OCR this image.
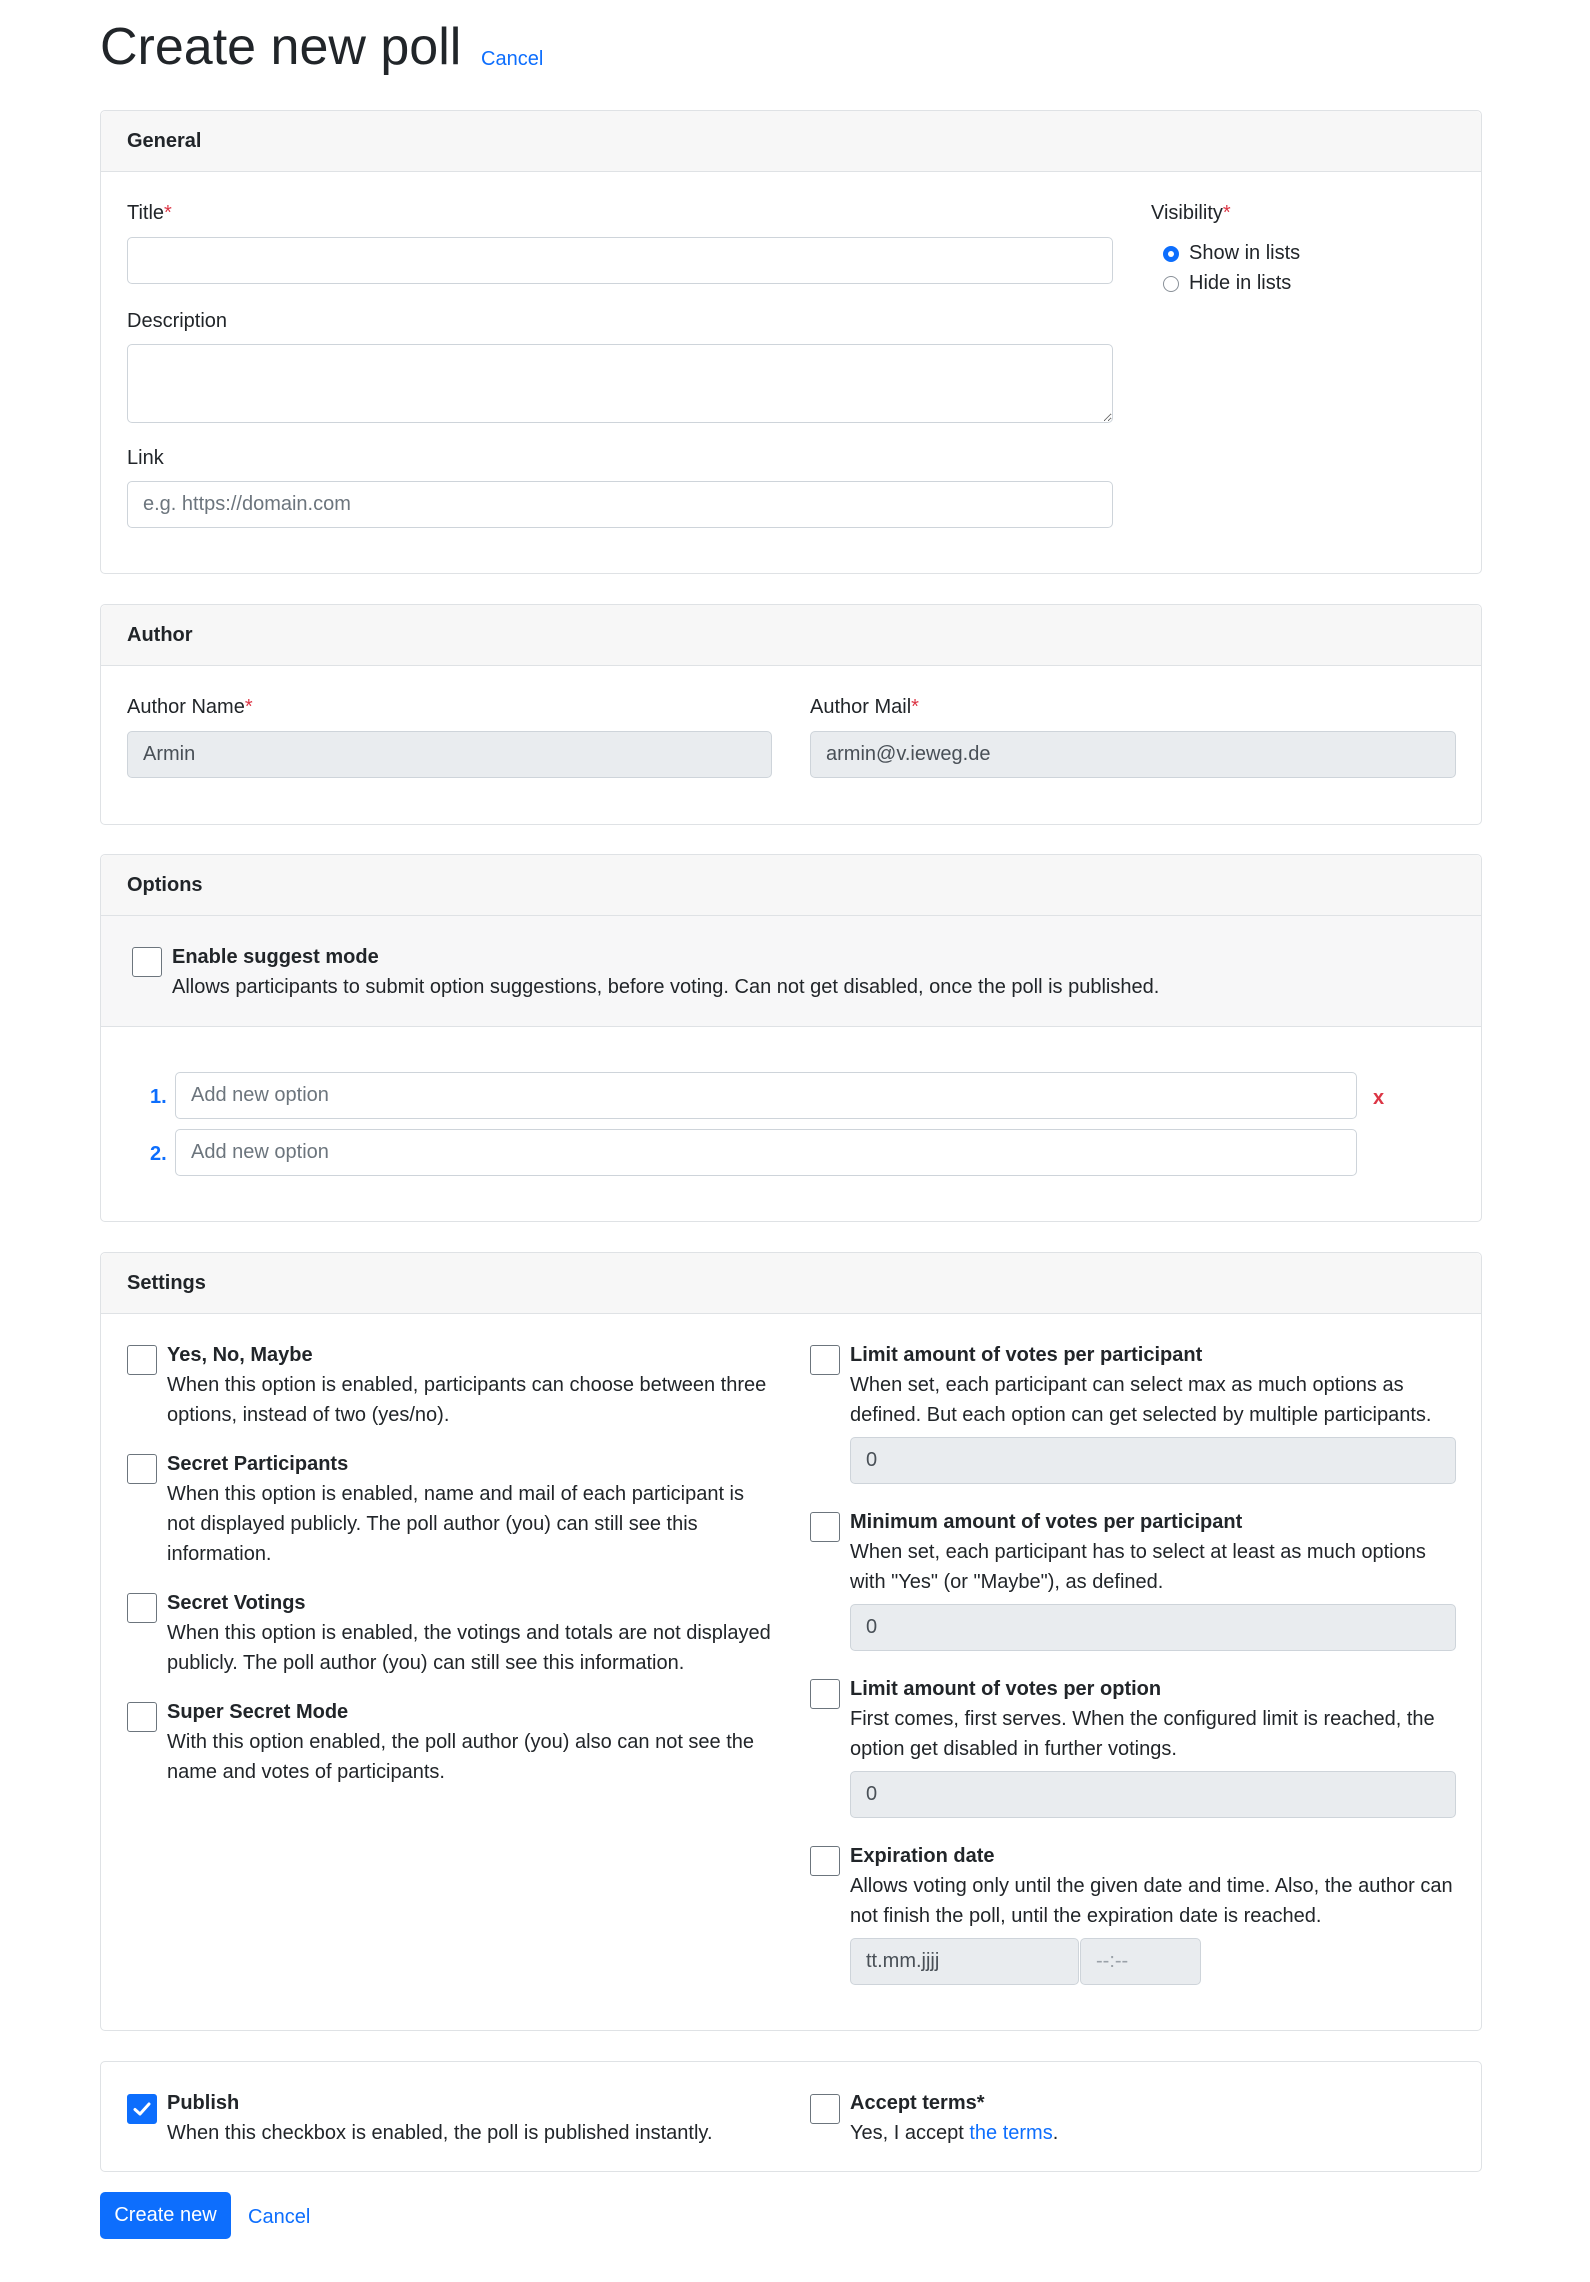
Create new poll Cancel
General
Title*
Description
Link
e.g. https://domain.com
Visibility*
Show in lists
Hide in lists
Author
Author Name*
Armin	Author Mail*
armin@v.ieweg.de
Options
Enable suggest mode
Allows participants to submit option suggestions, before voting. Can not get disabled, once the poll is published.
1.
Add new option	x
2.
Add new option
Settings
Yes, No, Maybe
When this option is enabled, participants can choose between three options, instead of two (yes/no).
Secret Participants
When this option is enabled, name and mail of each participant is not displayed publicly. The poll author (you) can still see this information.
Secret Votings
When this option is enabled, the votings and totals are not displayed publicly. The poll author (you) can still see this information.
Super Secret Mode
With this option enabled, the poll author (you) also can not see the name and votes of participants.
Limit amount of votes per participant
When set, each participant can select max as much options as defined. But each option can get selected by multiple participants.
0
Minimum amount of votes per participant
When set, each participant has to select at least as much options with "Yes" (or "Maybe"), as defined.
0
Limit amount of votes per option
First comes, first serves. When the configured limit is reached, the option get disabled in further votings.
0
Expiration date
Allows voting only until the given date and time. Also, the author can not finish the poll, until the expiration date is reached.
tt.mm.jjjj
--:--
Publish
When this checkbox is enabled, the poll is published instantly.
Accept terms*
Yes, I accept the terms.
Create new	Cancel
